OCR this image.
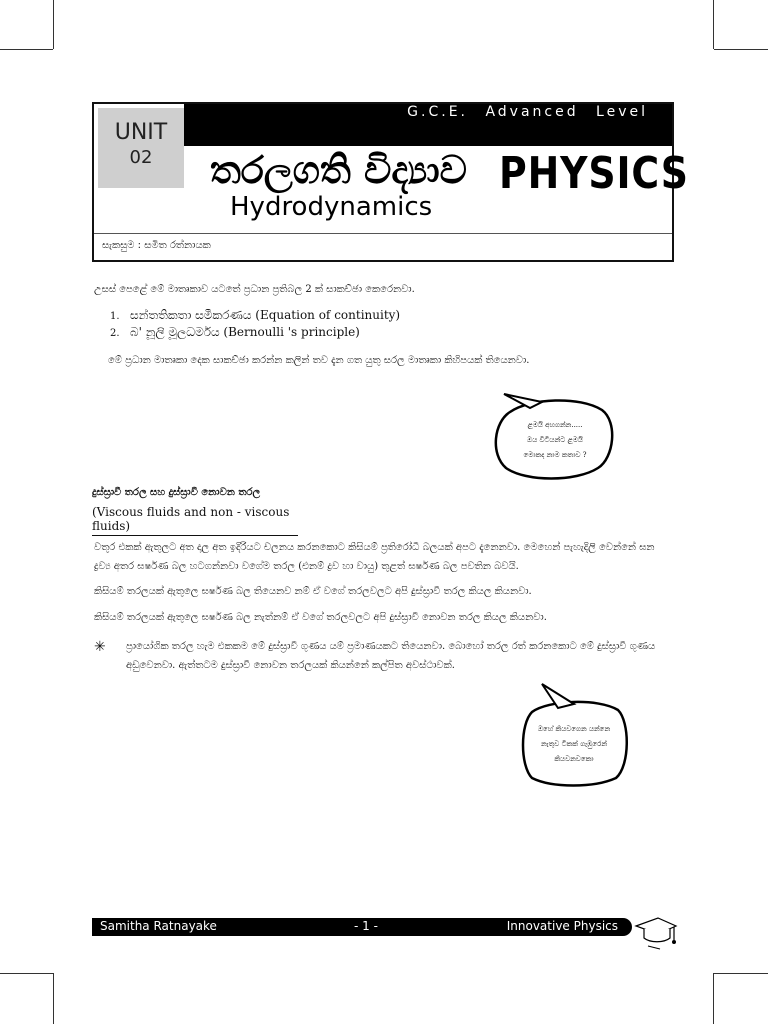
G.C.E. Advanced Level
UNIT
02	තරලගති විද්‍යාව
Hydrodynamics
PHYSICS
සැකසුම : සමිත රත්නායක
උසස් පෙළේ මේ මාතෘකාව යටතේ ප්‍රධාන ප්‍රතිබල 2 ක් සාකච්ඡා කෙරෙනවා.
1. සන්තතිකතා සමීකරණය (Equation of continuity)
2. බ' නූලි මූලධර්මය (Bernoulli 's principle)
මේ ප්‍රධාන මාතෘකා දෙක සාකච්ඡා කරන්න කලින් තව දැන ගත යුතු සරල මාතෘකා කිහිපයක් තියෙනවා.
ළමයි අහගන්න.....
ඔය විටියන්ට ළමයි
මොකද නාම කතාව ?
දුස්ස්‍රාවී තරල සහ දුස්ස්‍රාවී නොවන තරල
(Viscous fluids and non - viscous fluids)
වතුර එකක් ඇතුලට අත දාල අත ඉදිරියට චලනය කරනකොට කිසියම් ප්‍රතිරෝධී බලයක් අපට දැනෙනවා. මෙහෙන් පැහැදිලි වෙන්නේ ඝන ද්‍රව්‍ය අතර ඝර්ෂණ බල හටගන්නවා වගේම තරල (එනම් ද්‍රව හා වායු) තුළත් ඝර්ෂණ බල පවතින බවයි.
කිසියම් තරලයක් ඇතුලෙ ඝර්ෂණ බල තියෙනව නම් ඒ වගේ තරලවලට අපි දුස්ස්‍රාවී තරල කියල කියනවා.
කිසියම් තරලයක් ඇතුලෙ ඝර්ෂණ බල නැත්නම් ඒ වගේ තරලවලට අපි දුස්ස්‍රාවී නොවන තරල කියල කියනවා.
✳ ප්‍රායෝගික තරල හැම එකකම මේ දුස්ස්‍රාවී ගුණය යම් ප්‍රමාණයකට තියෙනවා. බොහෝ තරල රත් කරනකොට මේ දුස්ස්‍රාවී ගුණය අඩුවෙනවා. ඇත්තටම දුස්ස්‍රාවී නොවන තරලයක් කියන්නේ කල්පිත අවස්ථාවක්.
ඔහේ කියවගෙන යන්නෙ
නැතුව ටිකක් ගැඹුරෙන්
කියවනවකො
Samitha Ratnayake	- 1 -	Innovative Physics
